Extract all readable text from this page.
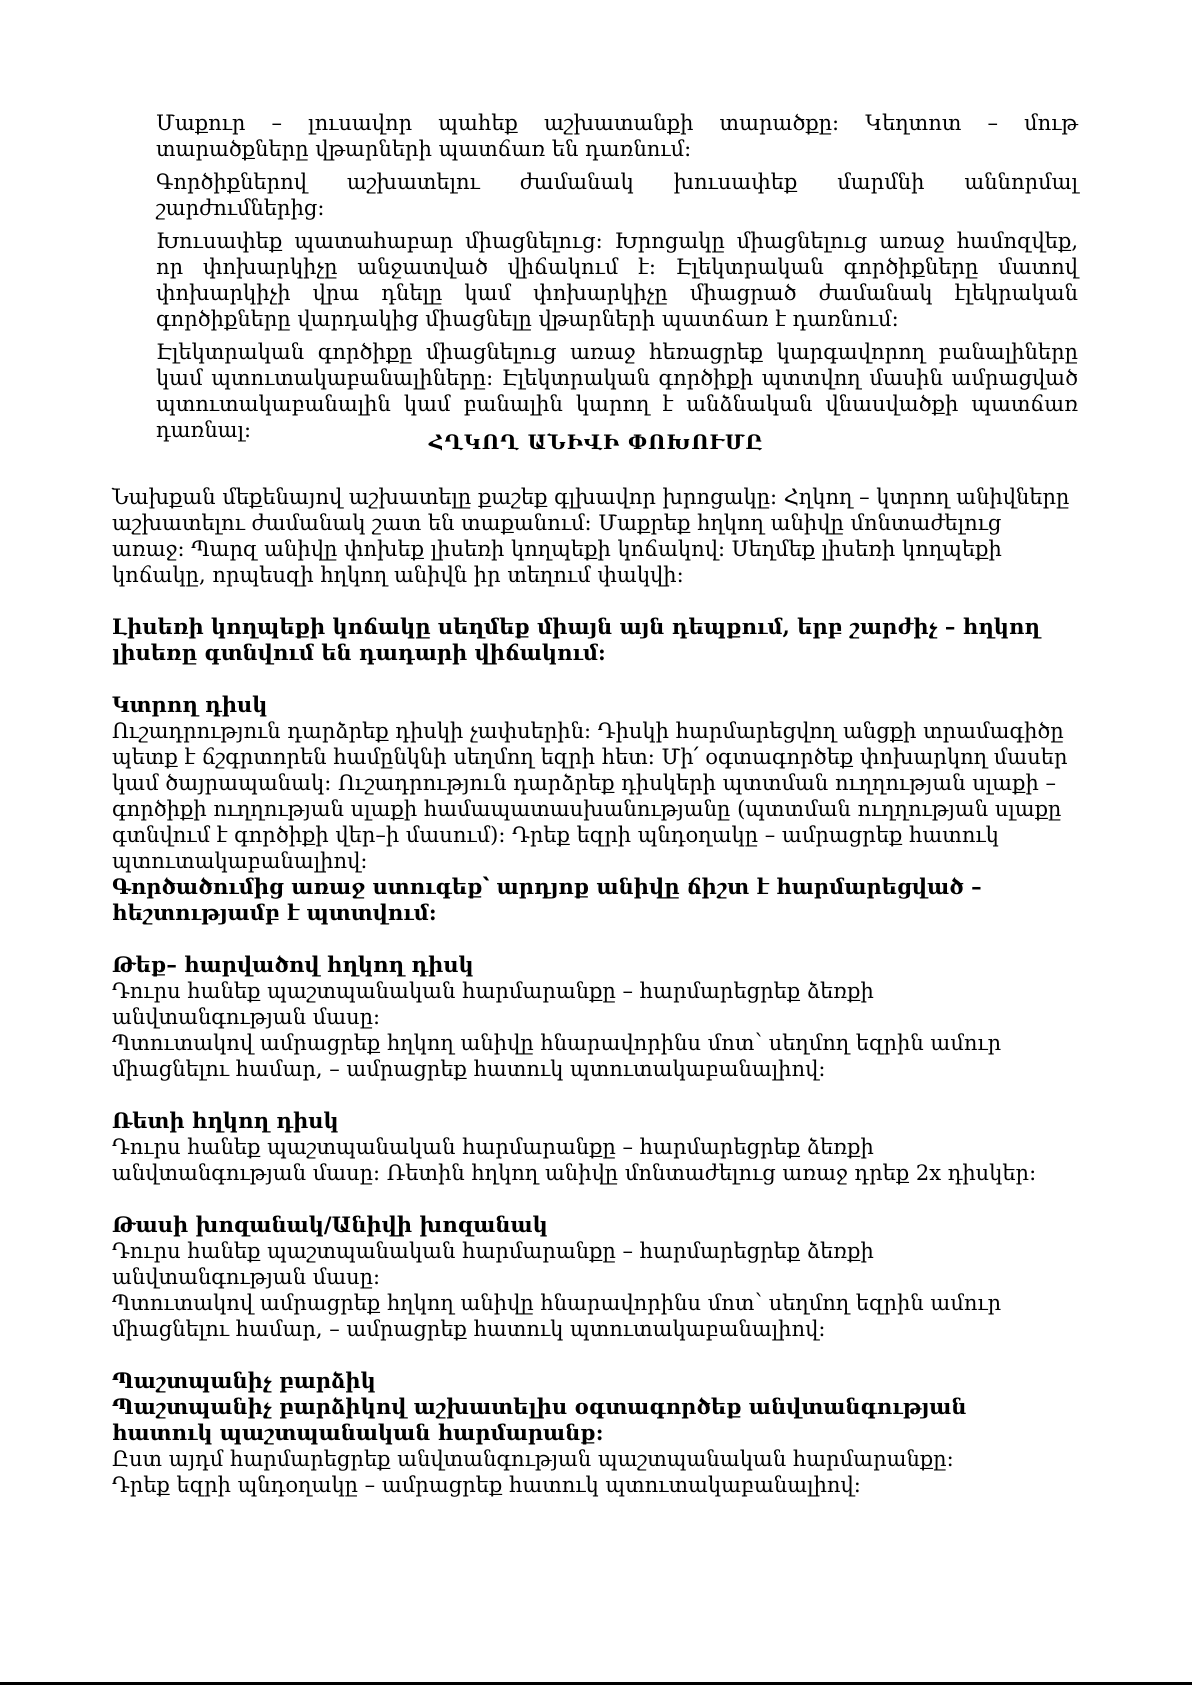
Մաքուր – լուսավոր պահեք աշխատանքի տարածքը: Կեղտոտ – մութ տարածքները վթարների պատճառ են դառնում:

Գործիքներով աշխատելու ժամանակ խուսափեք մարմնի աննորմալ շարժումներից:

Խուսափեք պատահաբար միացնելուց: Խրոցակը միացնելուց առաջ համոզվեք, որ փոխարկիչը անջատված վիճակում է: Էլեկտրական գործիքները մատով փոխարկիչի վրա դնելը կամ փոխարկիչը միացրած ժամանակ էլեկրական գործիքները վարդակից միացնելը վթարների պատճառ է դառնում:

Էլեկտրական գործիքը միացնելուց առաջ հեռացրեք կարգավորող բանալիները կամ պտուտակաբանալիները: Էլեկտրական գործիքի պտտվող մասին ամրացված պտուտակաբանալին կամ բանալին կարող է անձնական վնասվածքի պատճառ դառնալ:	ՀՂԿՈՂ ԱՆԻՎԻ ՓՈԽՈՒՄԸ

Նախքան մեքենայով աշխատելը քաշեք գլխավոր խրոցակը: Հղկող – կտրող անիվները աշխատելու ժամանակ շատ են տաքանում: Մաքրեք հղկող անիվը մոնտաժելուց առաջ: Պարզ անիվը փոխեք լիսեռի կողպեքի կոճակով: Սեղմեք լիսեռի կողպեքի կոճակը, որպեսզի հղկող անիվն իր տեղում փակվի:

Լիսեռի կողպեքի կոճակը սեղմեք միայն այն դեպքում, երբ շարժիչ – հղկող լիսեռը գտնվում են դադարի վիճակում:

Կտրող դիսկ

Ուշադրություն դարձրեք դիսկի չափսերին: Դիսկի հարմարեցվող անցքի տրամագիծը պետք է ճշգրտորեն համընկնի սեղմող եզրի հետ: Մի՛ օգտագործեք փոխարկող մասեր կամ ծայրապանակ: Ուշադրություն դարձրեք դիսկերի պտտման ուղղության սլաքի – գործիքի ուղղության սլաքի համապատասխանությանը (պտտման ուղղության սլաքը գտնվում է գործիքի վեր–ի մասում): Դրեք եզրի պնդօղակը – ամրացրեք հատուկ պտուտակաբանալիով:

Գործածումից առաջ ստուգեք՝ արդյոք անիվը ճիշտ է հարմարեցված – հեշտությամբ է պտտվում:

Թեք– հարվածով հղկող դիսկ

Դուրս հանեք պաշտպանական հարմարանքը – հարմարեցրեք ձեռքի անվտանգության մասը:

Պտուտակով ամրացրեք հղկող անիվը հնարավորինս մոտ՝ սեղմող եզրին ամուր միացնելու համար, – ամրացրեք հատուկ պտուտակաբանալիով:

Ռետի հղկող դիսկ

Դուրս հանեք պաշտպանական հարմարանքը – հարմարեցրեք ձեռքի անվտանգության մասը: Ռետին հղկող անիվը մոնտաժելուց առաջ դրեք 2x դիսկեր:

Թասի խոզանակ/Անիվի խոզանակ

Դուրս հանեք պաշտպանական հարմարանքը – հարմարեցրեք ձեռքի անվտանգության մասը:

Պտուտակով ամրացրեք հղկող անիվը հնարավորինս մոտ՝ սեղմող եզրին ամուր միացնելու համար, – ամրացրեք հատուկ պտուտակաբանալիով:

Պաշտպանիչ բարձիկ

Պաշտպանիչ բարձիկով աշխատելիս օգտագործեք անվտանգության հատուկ պաշտպանական հարմարանք:

Ըստ այդմ հարմարեցրեք անվտանգության պաշտպանական հարմարանքը:

Դրեք եզրի պնդօղակը – ամրացրեք հատուկ պտուտակաբանալիով:
